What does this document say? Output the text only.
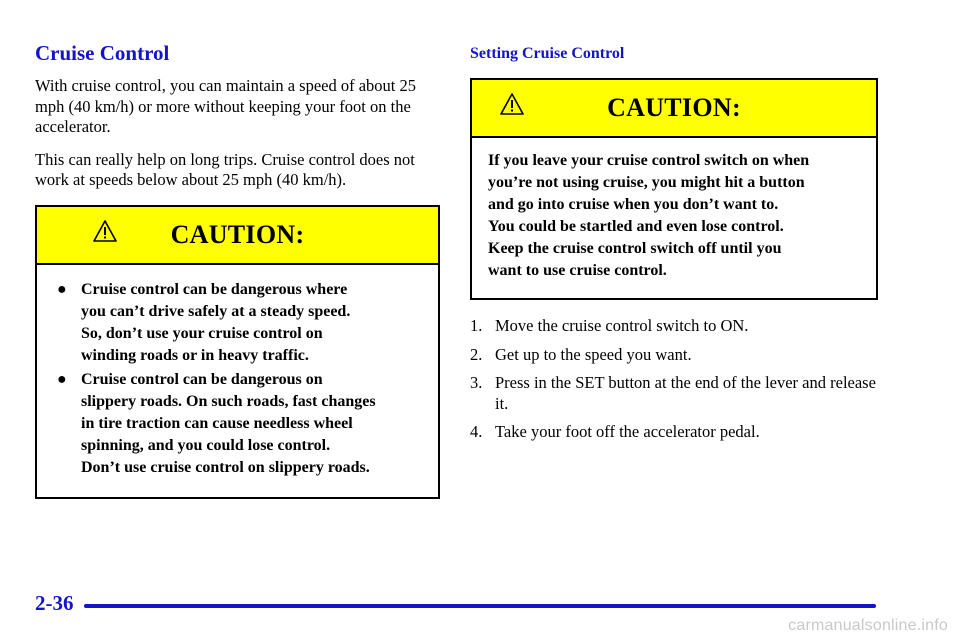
Cruise Control

With cruise control, you can maintain a speed of about 25 mph (40 km/h) or more without keeping your foot on the accelerator.

This can really help on long trips. Cruise control does not work at speeds below about 25 mph (40 km/h).

CAUTION:
● Cruise control can be dangerous where
you can’t drive safely at a steady speed.
So, don’t use your cruise control on
winding roads or in heavy traffic.
● Cruise control can be dangerous on
slippery roads. On such roads, fast changes
in tire traction can cause needless wheel
spinning, and you could lose control.
Don’t use cruise control on slippery roads.
Setting Cruise Control
CAUTION:
If you leave your cruise control switch on when
you’re not using cruise, you might hit a button
and go into cruise when you don’t want to.
You could be startled and even lose control.
Keep the cruise control switch off until you
want to use cruise control.
1. Move the cruise control switch to ON.
2. Get up to the speed you want.
3. Press in the SET button at the end of the lever and release it.
4. Take your foot off the accelerator pedal.
2-36
carmanualsonline.info
